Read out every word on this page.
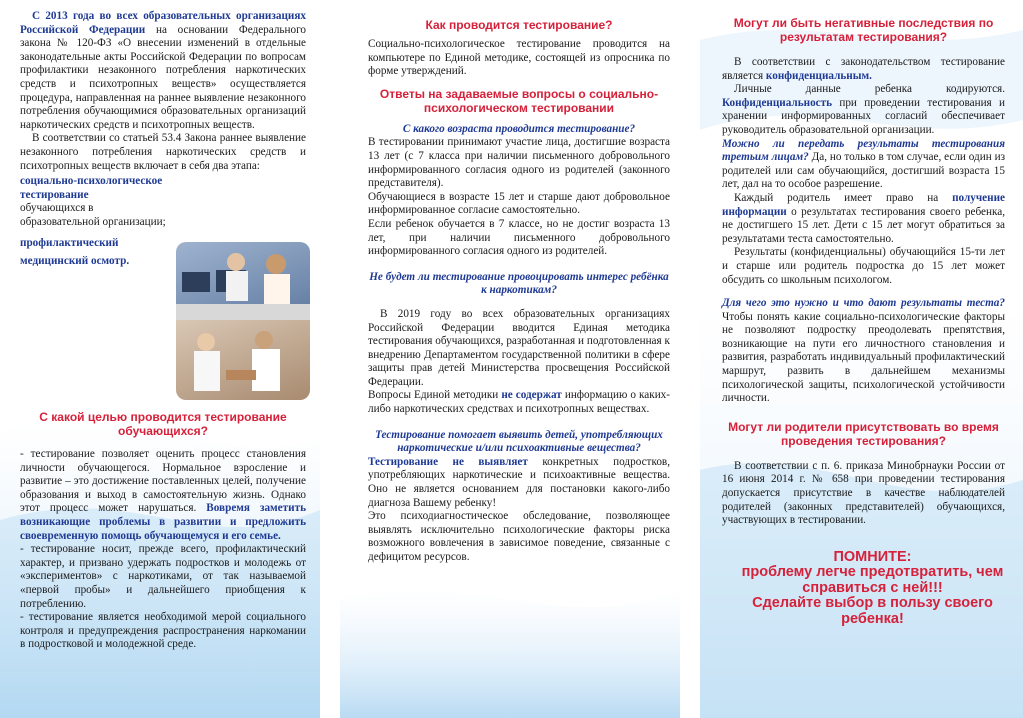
С 2013 года во всех образовательных организациях Российской Федерации на основании Федерального закона № 120-ФЗ «О внесении изменений в отдельные законодательные акты Российской Федерации по вопросам профилактики незаконного потребления наркотических средств и психотропных веществ» осуществляется процедура, направленная на раннее выявление незаконного потребления обучающимися образовательных организаций наркотических средств и психотропных веществ.

В соответствии со статьей 53.4 Закона раннее выявление незаконного потребления наркотических средств и психотропных веществ включает в себя два этапа:

социально-психологическое тестирование
обучающихся в образовательной организации;

профилактический медицинский осмотр.

С какой целью проводится тестирование обучающихся?

- тестирование позволяет оценить процесс становления личности обучающегося. Нормальное взросление и развитие – это достижение поставленных целей, получение образования и выход в самостоятельную жизнь. Однако этот процесс может нарушаться. Вовремя заметить возникающие проблемы в развитии и предложить своевременную помощь обучающемуся и его семье.

- тестирование носит, прежде всего, профилактический характер, и призвано удержать подростков и молодежь от «экспериментов» с наркотиками, от так называемой «первой пробы» и дальнейшего приобщения к потреблению.

- тестирование является необходимой мерой социального контроля и предупреждения распространения наркомании в подростковой и молодежной среде.

Как проводится тестирование?

Социально-психологическое тестирование проводится на компьютере по Единой методике, состоящей из опросника по форме утверждений.

Ответы на задаваемые вопросы о социально-психологическом тестировании

С какого возраста проводится тестирование?

В тестировании принимают участие лица, достигшие возраста 13 лет (с 7 класса при наличии письменного добровольного информированного согласия одного из родителей (законного представителя).

Обучающиеся в возрасте 15 лет и старше дают добровольное информированное согласие самостоятельно.

Если ребенок обучается в 7 классе, но не достиг возраста 13 лет, при наличии письменного добровольного информированного согласия одного из родителей.

Не будет ли тестирование провоцировать интерес ребёнка к наркотикам?

В 2019 году во всех образовательных организациях Российской Федерации вводится Единая методика тестирования обучающихся, разработанная и подготовленная к внедрению Департаментом государственной политики в сфере защиты прав детей Министерства просвещения Российской Федерации.

Вопросы Единой методики не содержат информацию о каких-либо наркотических средствах и психотропных веществах.

Тестирование помогает выявить детей, употребляющих наркотические и/или психоактивные вещества?

Тестирование не выявляет конкретных подростков, употребляющих наркотические и психоактивные вещества. Оно не является основанием для постановки какого-либо диагноза Вашему ребенку!

Это психодиагностическое обследование, позволяющее выявлять исключительно психологические факторы риска возможного вовлечения в зависимое поведение, связанные с дефицитом ресурсов.

Могут ли быть негативные последствия по результатам тестирования?

В соответствии с законодательством тестирование является конфиденциальным.

Личные данные ребенка кодируются. Конфиденциальность при проведении тестирования и хранении информированных согласий обеспечивает руководитель образовательной организации.

Можно ли передать результаты тестирования третьим лицам? Да, но только в том случае, если один из родителей или сам обучающийся, достигший возраста 15 лет, дал на то особое разрешение.

Каждый родитель имеет право на получение информации о результатах тестирования своего ребенка, не достигшего 15 лет. Дети с 15 лет могут обратиться за результатами теста самостоятельно.

Результаты (конфиденциальны) обучающийся 15-ти лет и старше или родитель подростка до 15 лет может обсудить со школьным психологом.

Для чего это нужно и что дают результаты теста? Чтобы понять какие социально-психологические факторы не позволяют подростку преодолевать препятствия, возникающие на пути его личностного становления и развития, разработать индивидуальный профилактический маршрут, развить в дальнейшем механизмы психологической защиты, психологической устойчивости личности.

Могут ли родители присутствовать во время проведения тестирования?

В соответствии с п. 6. приказа Минобрнауки России от 16 июня 2014 г. № 658 при проведении тестирования допускается присутствие в качестве наблюдателей родителей (законных представителей) обучающихся, участвующих в тестировании.

ПОМНИТЕ:

проблему легче предотвратить, чем справиться с ней!!!

Сделайте выбор в пользу своего ребенка!
